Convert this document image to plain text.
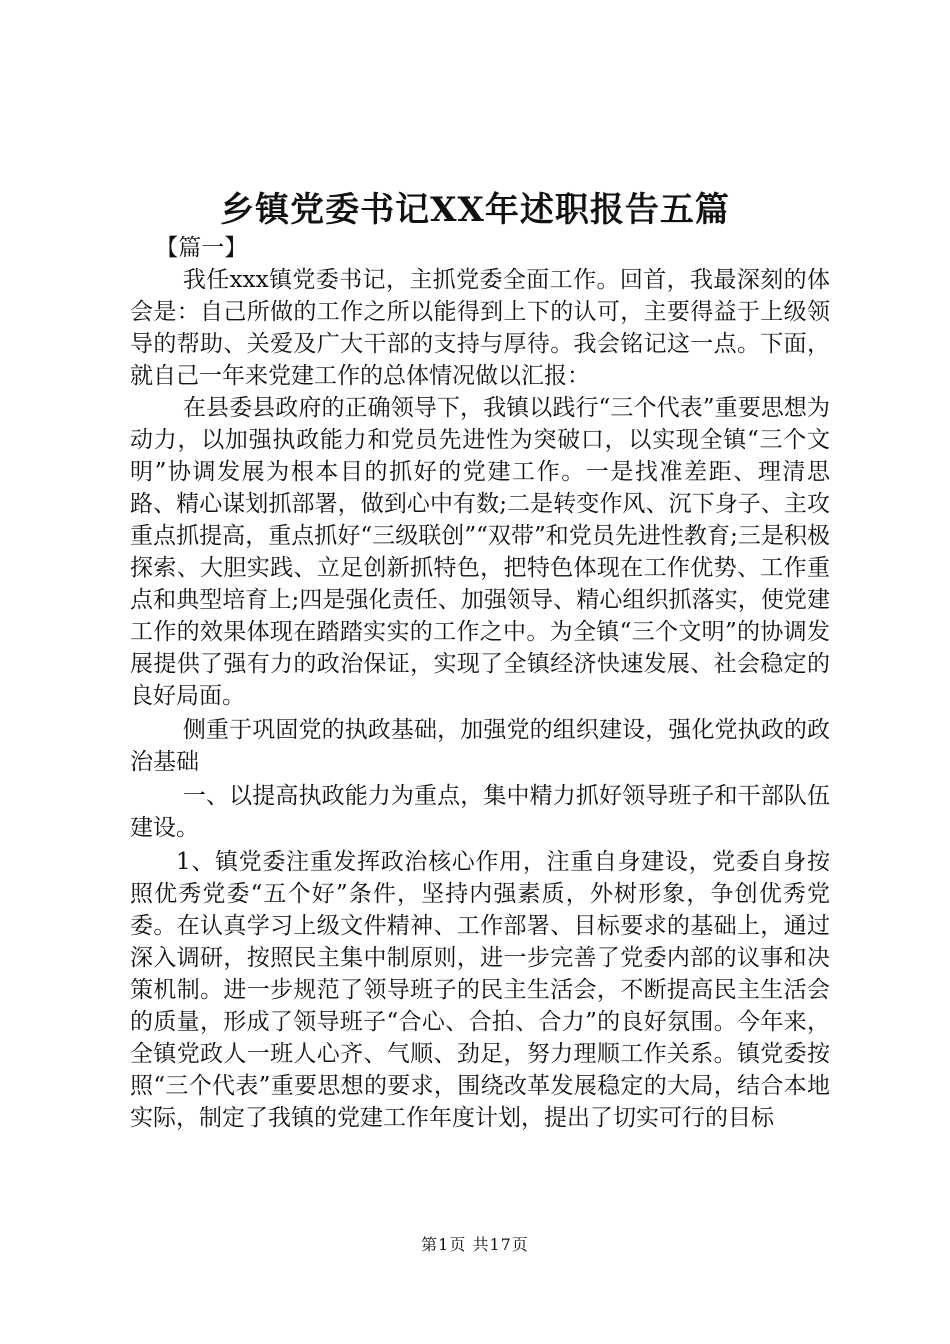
乡镇党委书记XX年述职报告五篇

【篇一】

我任xxx镇党委书记，主抓党委全面工作。回首，我最深刻的体会是：自己所做的工作之所以能得到上下的认可，主要得益于上级领导的帮助、关爱及广大干部的支持与厚待。我会铭记这一点。下面，就自己一年来党建工作的总体情况做以汇报：

在县委县政府的正确领导下，我镇以践行“三个代表”重要思想为动力，以加强执政能力和党员先进性为突破口，以实现全镇“三个文明”协调发展为根本目的抓好的党建工作。一是找准差距、理清思路、精心谋划抓部署，做到心中有数;二是转变作风、沉下身子、主攻重点抓提高，重点抓好“三级联创”“双带”和党员先进性教育;三是积极探索、大胆实践、立足创新抓特色，把特色体现在工作优势、工作重点和典型培育上;四是强化责任、加强领导、精心组织抓落实，使党建工作的效果体现在踏踏实实的工作之中。为全镇“三个文明”的协调发展提供了强有力的政治保证，实现了全镇经济快速发展、社会稳定的良好局面。

侧重于巩固党的执政基础，加强党的组织建设，强化党执政的政治基础

一、以提高执政能力为重点，集中精力抓好领导班子和干部队伍建设。

1、镇党委注重发挥政治核心作用，注重自身建设，党委自身按照优秀党委“五个好”条件，坚持内强素质，外树形象，争创优秀党委。在认真学习上级文件精神、工作部署、目标要求的基础上，通过深入调研，按照民主集中制原则，进一步完善了党委内部的议事和决策机制。进一步规范了领导班子的民主生活会，不断提高民主生活会的质量，形成了领导班子“合心、合拍、合力”的良好氛围。今年来，全镇党政人一班人心齐、气顺、劲足，努力理顺工作关系。镇党委按照“三个代表”重要思想的要求，围绕改革发展稳定的大局，结合本地实际，制定了我镇的党建工作年度计划，提出了切实可行的目标

第1页 共17页
